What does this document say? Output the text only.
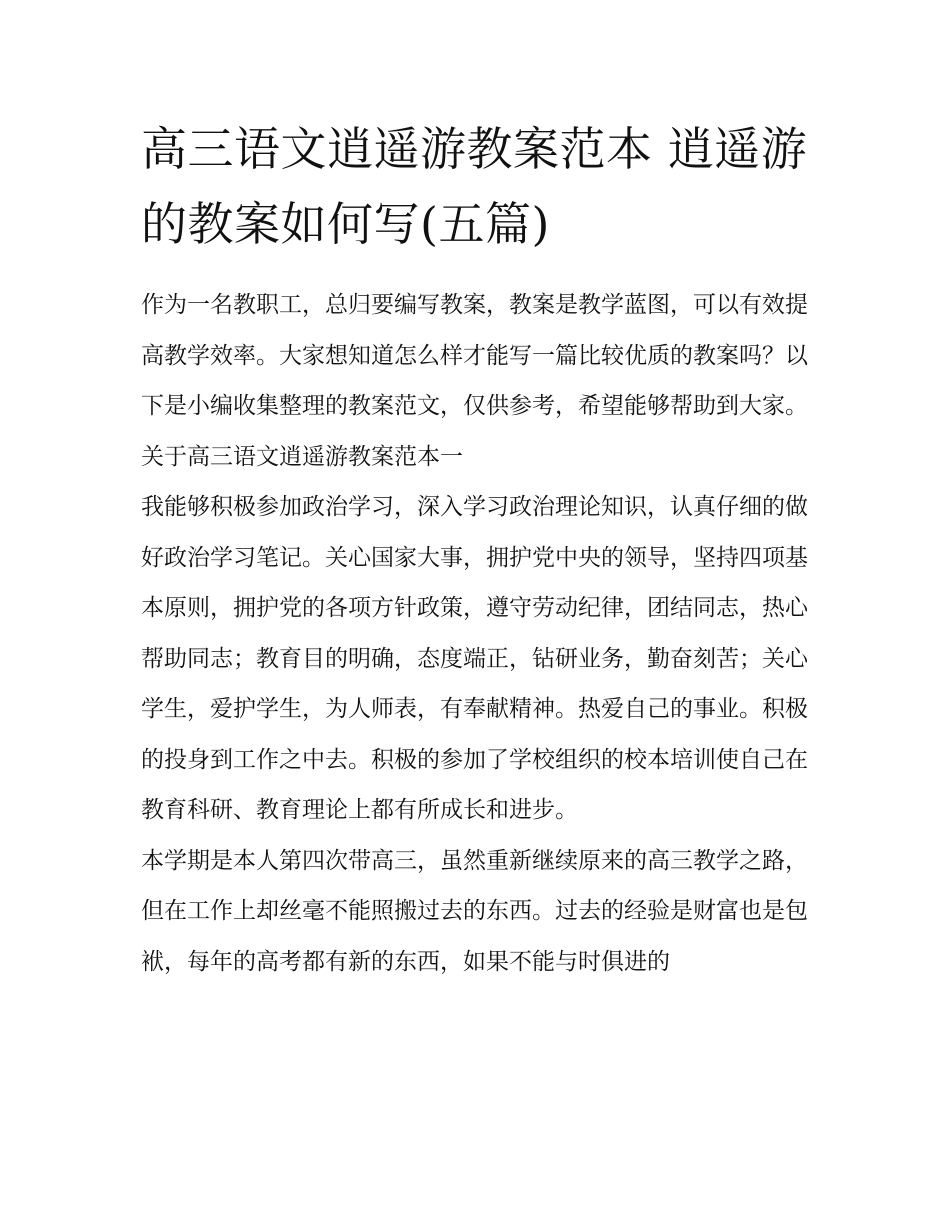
高三语文逍遥游教案范本 逍遥游的教案如何写(五篇)

作为一名教职工，总归要编写教案，教案是教学蓝图，可以有效提高教学效率。大家想知道怎么样才能写一篇比较优质的教案吗？以下是小编收集整理的教案范文，仅供参考，希望能够帮助到大家。

关于高三语文逍遥游教案范本一

我能够积极参加政治学习，深入学习政治理论知识，认真仔细的做好政治学习笔记。关心国家大事，拥护党中央的领导，坚持四项基本原则，拥护党的各项方针政策，遵守劳动纪律，团结同志，热心帮助同志；教育目的明确，态度端正，钻研业务，勤奋刻苦；关心学生，爱护学生，为人师表，有奉献精神。热爱自己的事业。积极的投身到工作之中去。积极的参加了学校组织的校本培训使自己在教育科研、教育理论上都有所成长和进步。

本学期是本人第四次带高三，虽然重新继续原来的高三教学之路，但在工作上却丝毫不能照搬过去的东西。过去的经验是财富也是包袱，每年的高考都有新的东西，如果不能与时俱进的
